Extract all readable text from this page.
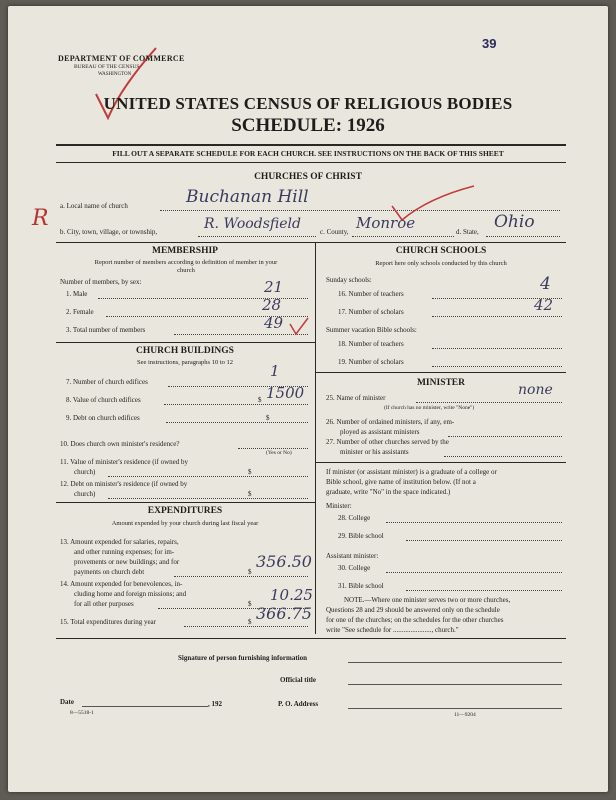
DEPARTMENT OF COMMERCE
BUREAU OF THE CENSUS
WASHINGTON
39
UNITED STATES CENSUS OF RELIGIOUS BODIES
SCHEDULE: 1926
FILL OUT A SEPARATE SCHEDULE FOR EACH CHURCH. SEE INSTRUCTIONS ON THE BACK OF THIS SHEET
CHURCHES OF CHRIST
a. Local name of church	Buchanan Hill
R
b. City, town, village, or township,	R. Woodsfield	c. County, Monroe	d. State, Ohio
MEMBERSHIP
Report number of members according to definition of member in your church
Number of members, by sex:
1. Male	21
2. Female	28
3. Total number of members	49
CHURCH BUILDINGS
See instructions, paragraphs 10 to 12
7. Number of church edifices
1
8. Value of church edifices	$ 1500
9. Debt on church edifices	$
10. Does church own minister's residence?
(Yes or No)
11. Value of minister's residence (if owned by
church)	$
12. Debt on minister's residence (if owned by
church)	$
EXPENDITURES
Amount expended by your church during last fiscal year
13. Amount expended for salaries, repairs,
and other running expenses; for im-
provements or new buildings; and for
payments on church debt	$
356.50
14. Amount expended for benevolences, in-
cluding home and foreign missions; and
for all other purposes	$ 10.25
15. Total expenditures during year	$ 366.75
CHURCH SCHOOLS
Report here only schools conducted by this church
Sunday schools:
16. Number of teachers	4
17. Number of scholars	42
Summer vacation Bible schools:
18. Number of teachers
19. Number of scholars
MINISTER
25. Name of minister
(If church has no minister, write "None")
none
26. Number of ordained ministers, if any, em-
ployed as assistant ministers
27. Number of other churches served by the
minister or his assistants
If minister (or assistant minister) is a graduate of a college or
Bible school, give name of institution below. (If not a
graduate, write "No" in the space indicated.)
Minister:
28. College
29. Bible school
Assistant minister:
30. College
31. Bible school
NOTE.—Where one minister serves two or more churches,
Questions 28 and 29 should be answered only on the schedule
for one of the churches; on the schedules for the other churches
write "See schedule for ......................, church."
Signature of person furnishing information
Official title
Date	, 192	P. O. Address
8—5518-1	11—9204
